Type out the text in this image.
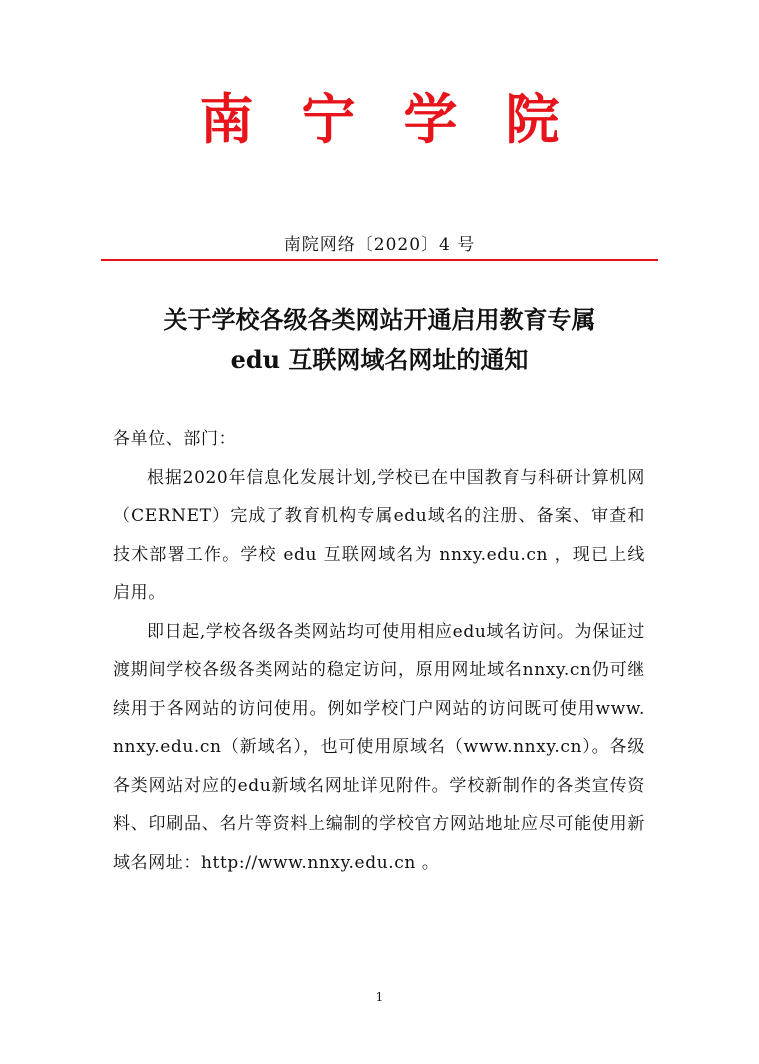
南宁学院
南院网络〔2020〕4 号
关于学校各级各类网站开通启用教育专属
edu 互联网域名网址的通知

各单位、部门：

根据2020年信息化发展计划,学校已在中国教育与科研计算机网（CERNET）完成了教育机构专属edu域名的注册、备案、审查和技术部署工作。学校 edu 互联网域名为 nnxy.edu.cn ，现已上线启用。

即日起,学校各级各类网站均可使用相应edu域名访问。为保证过渡期间学校各级各类网站的稳定访问，原用网址域名nnxy.cn仍可继续用于各网站的访问使用。例如学校门户网站的访问既可使用www.nnxy.edu.cn（新域名），也可使用原域名（www.nnxy.cn）。各级各类网站对应的edu新域名网址详见附件。学校新制作的各类宣传资料、印刷品、名片等资料上编制的学校官方网站地址应尽可能使用新域名网址：http://www.nnxy.edu.cn 。

1
